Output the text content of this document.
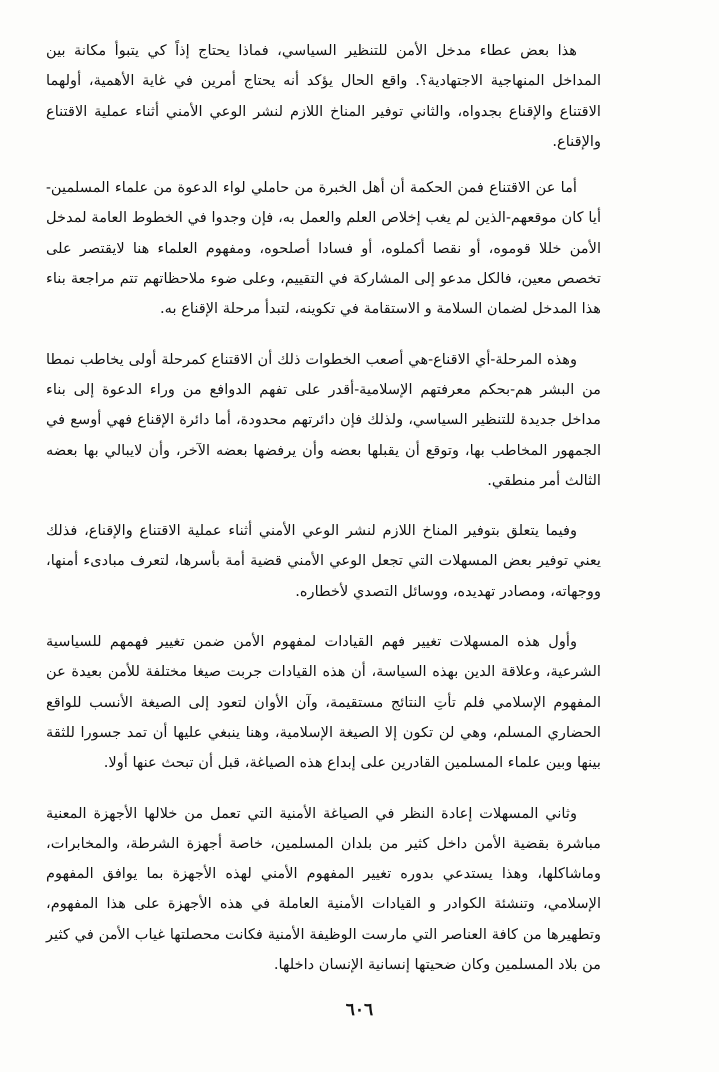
هذا بعض عطاء مدخل الأمن للتنظير السياسي، فماذا يحتاج إذاً كي يتبوأ مكانة بين المداخل المنهاجية الاجتهادية؟. واقع الحال يؤكد أنه يحتاج أمرين في غاية الأهمية، أولهما الاقتناع والإقناع بجدواه، والثاني توفير المناخ اللازم لنشر الوعي الأمني أثناء عملية الاقتناع والإقناع.

أما عن الاقتناع فمن الحكمة أن أهل الخبرة من حاملي لواء الدعوة من علماء المسلمين-أيا كان موقعهم-الذين لم يغب إخلاص العلم والعمل به، فإن وجدوا في الخطوط العامة لمدخل الأمن خللا قوموه، أو نقصا أكملوه، أو فسادا أصلحوه، ومفهوم العلماء هنا لايقتصر على تخصص معين، فالكل مدعو إلى المشاركة في التقييم، وعلى ضوء ملاحظاتهم تتم مراجعة بناء هذا المدخل لضمان السلامة و الاستقامة في تكوينه، لتبدأ مرحلة الإقناع به.

وهذه المرحلة-أي الاقناع-هي أصعب الخطوات ذلك أن الاقتناع كمرحلة أولى يخاطب نمطا من البشر هم-بحكم معرفتهم الإسلامية-أقدر على تفهم الدوافع من وراء الدعوة إلى بناء مداخل جديدة للتنظير السياسي، ولذلك فإن دائرتهم محدودة، أما دائرة الإقناع فهي أوسع في الجمهور المخاطب بها، وتوقع أن يقبلها بعضه وأن يرفضها بعضه الآخر، وأن لايبالي بها بعضه الثالث أمر منطقي.

وفيما يتعلق بتوفير المناخ اللازم لنشر الوعي الأمني أثناء عملية الاقتناع والإقناع، فذلك يعني توفير بعض المسهلات التي تجعل الوعي الأمني قضية أمة بأسرها، لتعرف مبادىء أمنها، ووجهاته، ومصادر تهديده، ووسائل التصدي لأخطاره.

وأول هذه المسهلات تغيير فهم القيادات لمفهوم الأمن ضمن تغيير فهمهم للسياسية الشرعية، وعلاقة الدين بهذه السياسة، أن هذه القيادات جربت صيغا مختلفة للأمن بعيدة عن المفهوم الإسلامي فلم تأتِ النتائج مستقيمة، وآن الأوان لتعود إلى الصيغة الأنسب للواقع الحضاري المسلم، وهي لن تكون إلا الصيغة الإسلامية، وهنا ينبغي عليها أن تمد جسورا للثقة بينها وبين علماء المسلمين القادرين على إبداع هذه الصياغة، قبل أن تبحث عنها أولا.

وثاني المسهلات إعادة النظر في الصياغة الأمنية التي تعمل من خلالها الأجهزة المعنية مباشرة بقضية الأمن داخل كثير من بلدان المسلمين، خاصة أجهزة الشرطة، والمخابرات، وماشاكلها، وهذا يستدعي بدوره تغيير المفهوم الأمني لهذه الأجهزة بما يوافق المفهوم الإسلامي، وتنشئة الكوادر و القيادات الأمنية العاملة في هذه الأجهزة على هذا المفهوم، وتطهيرها من كافة العناصر التي مارست الوظيفة الأمنية فكانت محصلتها غياب الأمن في كثير من بلاد المسلمين وكان ضحيتها إنسانية الإنسان داخلها.

٦٠٦
